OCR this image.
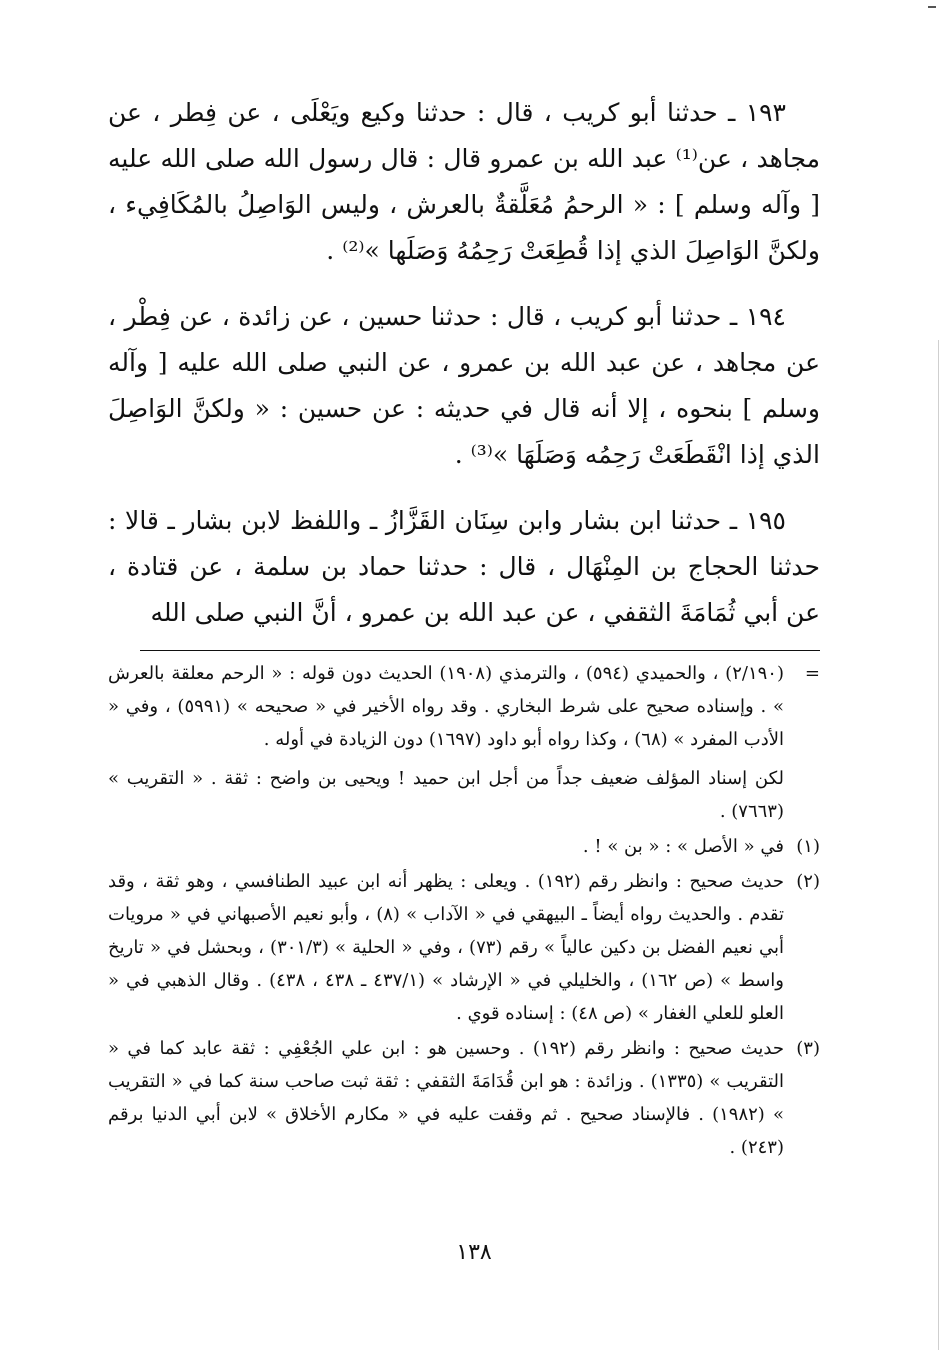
١٩٣ ـ حدثنا أبو كريب ، قال : حدثنا وكيع ويَعْلَى ، عن فِطر ، عن مجاهد ، عن⁽¹⁾ عبد الله بن عمرو قال : قال رسول الله صلى الله عليه [ وآله وسلم ] : « الرحمُ مُعَلَّقةٌ بالعرش ، وليس الوَاصِلُ بالمُكَافِيء ، ولكنَّ الوَاصِلَ الذي إذا قُطِعَتْ رَحِمُهُ وَصَلَها »⁽²⁾ .

١٩٤ ـ حدثنا أبو كريب ، قال : حدثنا حسين ، عن زائدة ، عن فِطْر ، عن مجاهد ، عن عبد الله بن عمرو ، عن النبي صلى الله عليه [ وآله وسلم ] بنحوه ، إلا أنه قال في حديثه : عن حسين : « ولكنَّ الوَاصِلَ الذي إذا انْقَطَعَتْ رَحِمُه وَصَلَهَا »⁽³⁾ .

١٩٥ ـ حدثنا ابن بشار وابن سِنَان القَزَّازُ ـ واللفظ لابن بشار ـ قالا : حدثنا الحجاج بن المِنْهَال ، قال : حدثنا حماد بن سلمة ، عن قتادة ، عن أبي ثُمَامَةَ الثقفي ، عن عبد الله بن عمرو ، أنَّ النبي صلى الله

=

(٢/١٩٠) ، والحميدي (٥٩٤) ، والترمذي (١٩٠٨) الحديث دون قوله : « الرحم معلقة بالعرش » . وإسناده صحيح على شرط البخاري . وقد رواه الأخير في « صحيحه » (٥٩٩١) ، وفي « الأدب المفرد » (٦٨) ، وكذا رواه أبو داود (١٦٩٧) دون الزيادة في أوله .

لكن إسناد المؤلف ضعيف جداً من أجل ابن حميد ! ويحيى بن واضح : ثقة . « التقريب » (٧٦٦٣) .

(١)

في « الأصل » : « بن » ! .

(٢)

حديث صحيح : وانظر رقم (١٩٢) . ويعلى : يظهر أنه ابن عبيد الطنافسي ، وهو ثقة ، وقد تقدم . والحديث رواه أيضاً ـ البيهقي في « الآداب » (٨) ، وأبو نعيم الأصبهاني في « مرويات أبي نعيم الفضل بن دكين عالياً » رقم (٧٣) ، وفي « الحلية » (٣٠١/٣) ، وبحشل في « تاريخ واسط » (ص ١٦٢) ، والخليلي في « الإرشاد » (٤٣٧/١ ـ ٤٣٨ ، ٤٣٨) . وقال الذهبي في « العلو للعلي الغفار » (ص ٤٨) : إسناده قوي .

(٣)

حديث صحيح : وانظر رقم (١٩٢) . وحسين هو : ابن علي الجُعْفِي : ثقة عابد كما في « التقريب » (١٣٣٥) . وزائدة : هو ابن قُدَامَةَ الثقفي : ثقة ثبت صاحب سنة كما في « التقريب » (١٩٨٢) . فالإسناد صحيح . ثم وقفت عليه في « مكارم الأخلاق » لابن أبي الدنيا برقم (٢٤٣) .

١٣٨
